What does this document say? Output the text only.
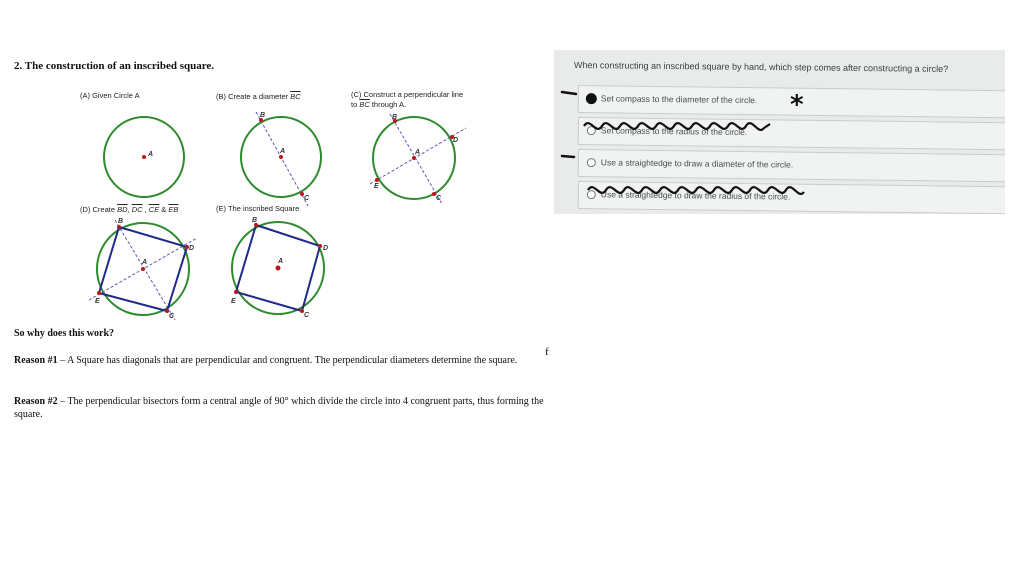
2. The construction of an inscribed square.
(A) Given Circle A
A
(B) Create a diameter $\overline{BC}$
B
A
C
(C) Construct a perpendicular line
to $\overline{BC}$ through A.
B
A
D
E
C
(D) Create $\overline{BD}$, $\overline{DC}$ , $\overline{CE}$ & $\overline{EB}$
B
A
D
E
C
(E) The inscribed Square
B
A
D
E
C
So why does this work?
Reason #1 – A Square has diagonals that are perpendicular and congruent. The perpendicular diameters determine the square.
f
Reason #2 – The perpendicular bisectors form a central angle of 90° which divide the circle into 4 congruent parts, thus forming the square.
When constructing an inscribed square by hand, which step comes after constructing a circle?
Set compass to the diameter of the circle.
Set compass to the radius of the circle.
Use a straightedge to draw a diameter of the circle.
Use a straightedge to draw the radius of the circle.
*
